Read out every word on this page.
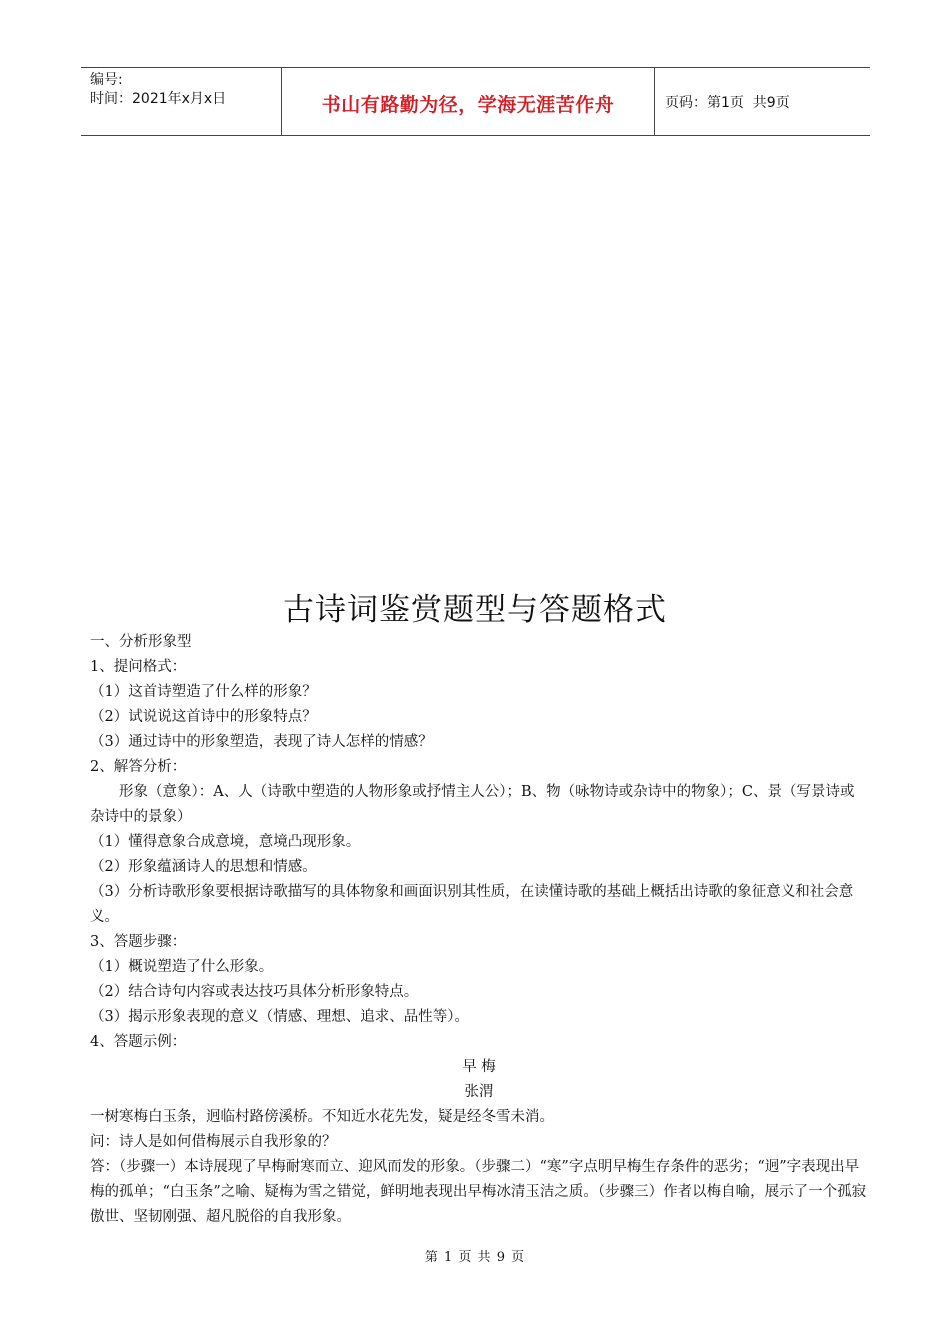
编号:
时间：2021年x月x日	书山有路勤为径，学海无涯苦作舟	页码：第1页  共9页
古诗词鉴赏题型与答题格式

一、分析形象型

1、提问格式：

（1）这首诗塑造了什么样的形象？

（2）试说说这首诗中的形象特点？

（3）通过诗中的形象塑造，表现了诗人怎样的情感？

2、解答分析：

形象（意象）：A、人（诗歌中塑造的人物形象或抒情主人公）；B、物（咏物诗或杂诗中的物象）；C、景（写景诗或杂诗中的景象）

（1）懂得意象合成意境，意境凸现形象。

（2）形象蕴涵诗人的思想和情感。

（3）分析诗歌形象要根据诗歌描写的具体物象和画面识别其性质，在读懂诗歌的基础上概括出诗歌的象征意义和社会意义。

3、答题步骤：

（1）概说塑造了什么形象。

（2）结合诗句内容或表达技巧具体分析形象特点。

（3）揭示形象表现的意义（情感、理想、追求、品性等）。

4、答题示例：

早 梅

张渭

一树寒梅白玉条，迥临村路傍溪桥。不知近水花先发，疑是经冬雪未消。

问：诗人是如何借梅展示自我形象的？

答：（步骤一）本诗展现了早梅耐寒而立、迎风而发的形象。（步骤二）“寒”字点明早梅生存条件的恶劣；“迥”字表现出早梅的孤单；“白玉条”之喻、疑梅为雪之错觉，鲜明地表现出早梅冰清玉洁之质。（步骤三）作者以梅自喻，展示了一个孤寂傲世、坚韧刚强、超凡脱俗的自我形象。

第 1 页 共 9 页
